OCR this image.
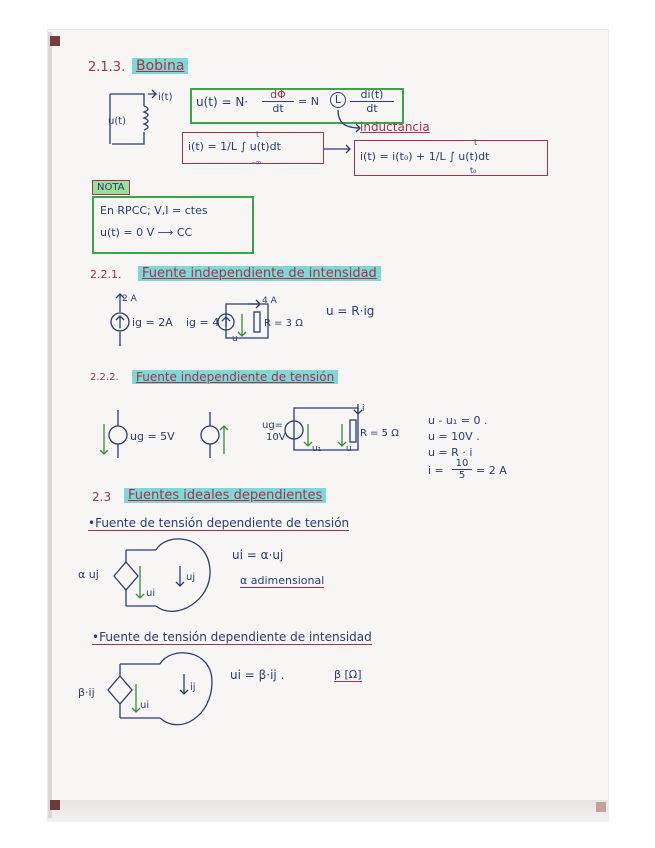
2.1.3. Bobina
i(t)
u(t)
$u(t) = N\cdot \frac{d\Phi}{dt} = N$	L $\frac{di(t)}{dt}$
inductancia
i(t) = 1/L ∫ u(t)dt
t
-∞	i(t) = i(t₀) + 1/L ∫ u(t)dt
t
t₀
NOTA
En RPCC; V,I = ctes
u(t) = 0 V ⟶ CC
2.2.1.	Fuente independiente de intensidad
2 A
ig = 2A ig = 4
4 A
R = 3 Ω
u
u = R·ig
2.2.2.	Fuente independiente de tensión
ug = 5V
ug=
10V
i
R = 5 Ω
u₁	u
u - u₁ = 0 .
u = 10V .
u = R · i
$i = \frac{10}{5} = 2$ A
2.3	Fuentes ideales dependientes
•Fuente de tensión dependiente de tensión
α uj
ui
uj
ui = α·uj
α adimensional
•Fuente de tensión dependiente de intensidad
β·ij
ui
ij
ui = β·ij .	β [Ω]
